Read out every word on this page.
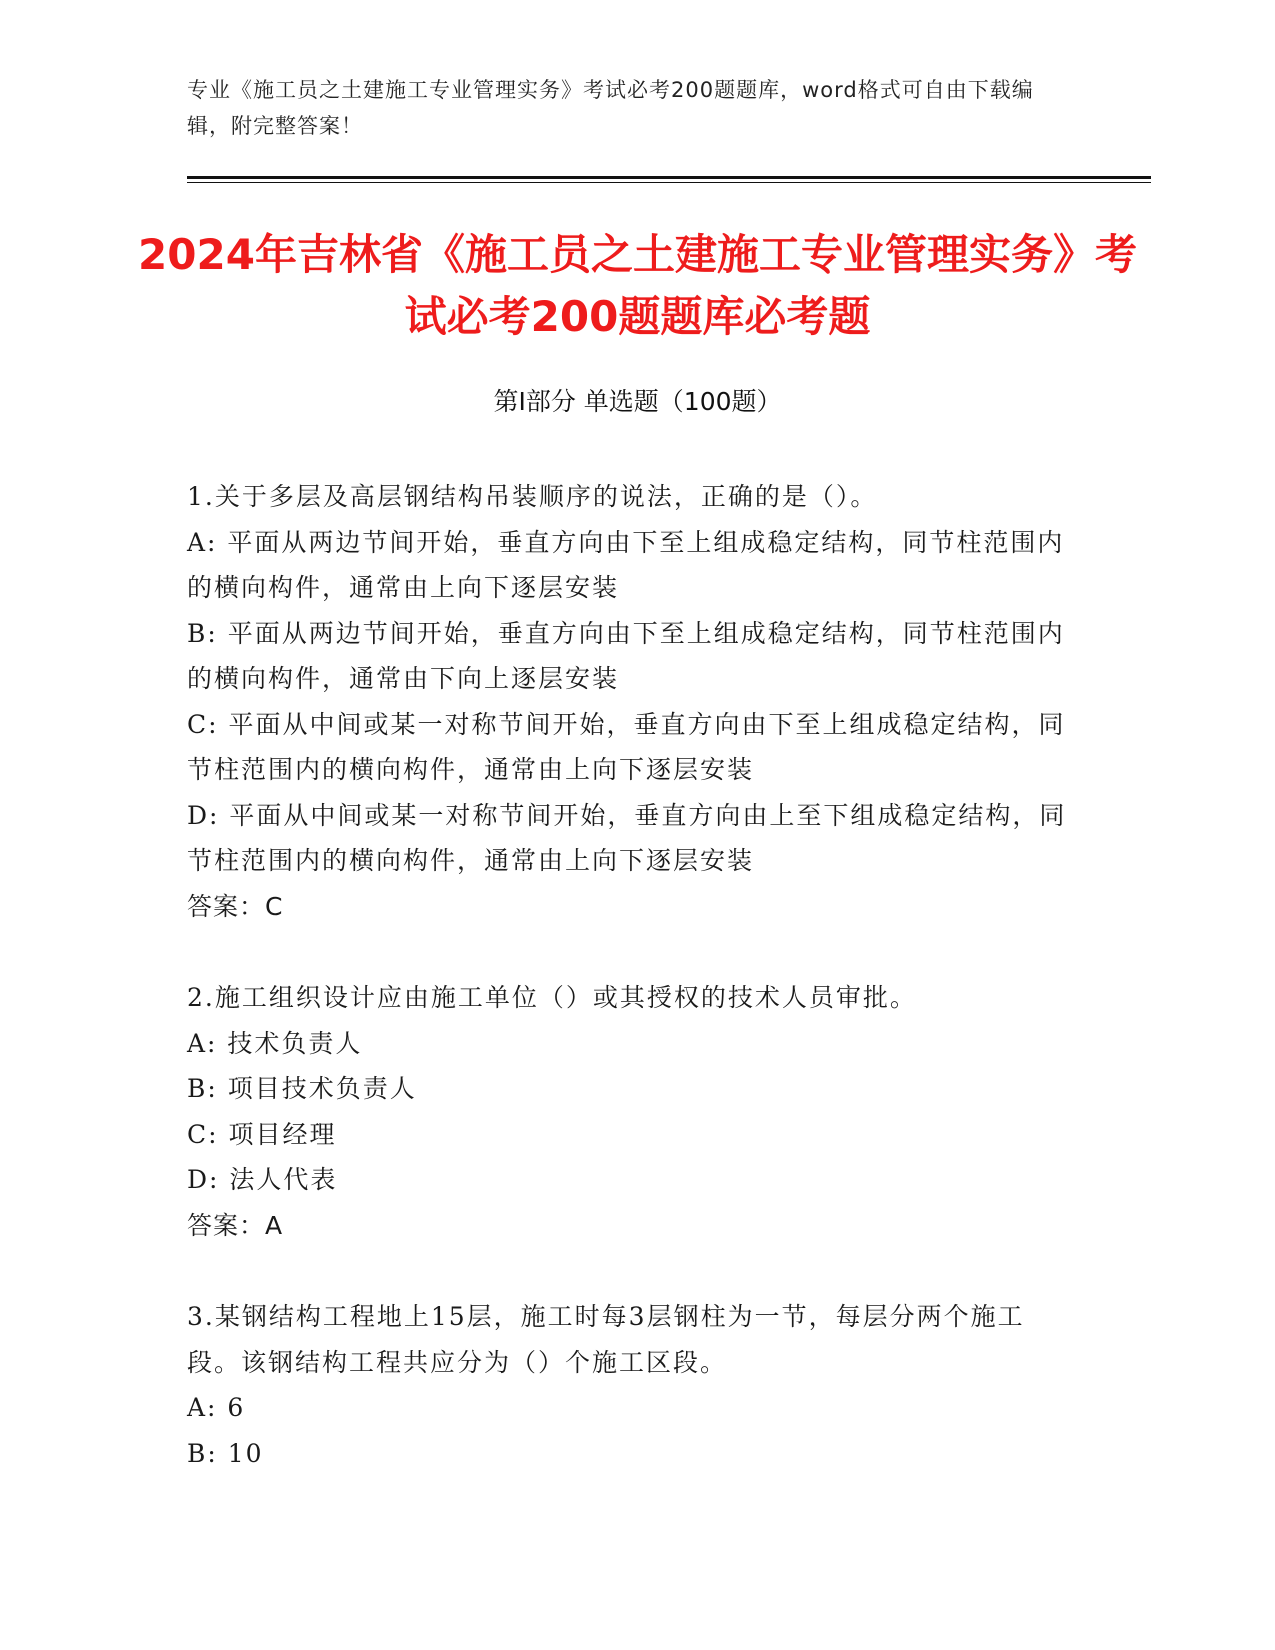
专业《施工员之土建施工专业管理实务》考试必考200题题库，word格式可自由下载编辑，附完整答案！
2024年吉林省《施工员之土建施工专业管理实务》考试必考200题题库必考题
第Ⅰ部分 单选题（100题）

1.关于多层及高层钢结构吊装顺序的说法，正确的是（）。

A: 平面从两边节间开始，垂直方向由下至上组成稳定结构，同节柱范围内的横向构件，通常由上向下逐层安装

B: 平面从两边节间开始，垂直方向由下至上组成稳定结构，同节柱范围内的横向构件，通常由下向上逐层安装

C: 平面从中间或某一对称节间开始，垂直方向由下至上组成稳定结构，同节柱范围内的横向构件，通常由上向下逐层安装

D: 平面从中间或某一对称节间开始，垂直方向由上至下组成稳定结构，同节柱范围内的横向构件，通常由上向下逐层安装

答案：C

2.施工组织设计应由施工单位（）或其授权的技术人员审批。

A: 技术负责人

B: 项目技术负责人

C: 项目经理

D: 法人代表

答案：A

3.某钢结构工程地上15层，施工时每3层钢柱为一节，每层分两个施工段。该钢结构工程共应分为（）个施工区段。

A: 6

B: 10
